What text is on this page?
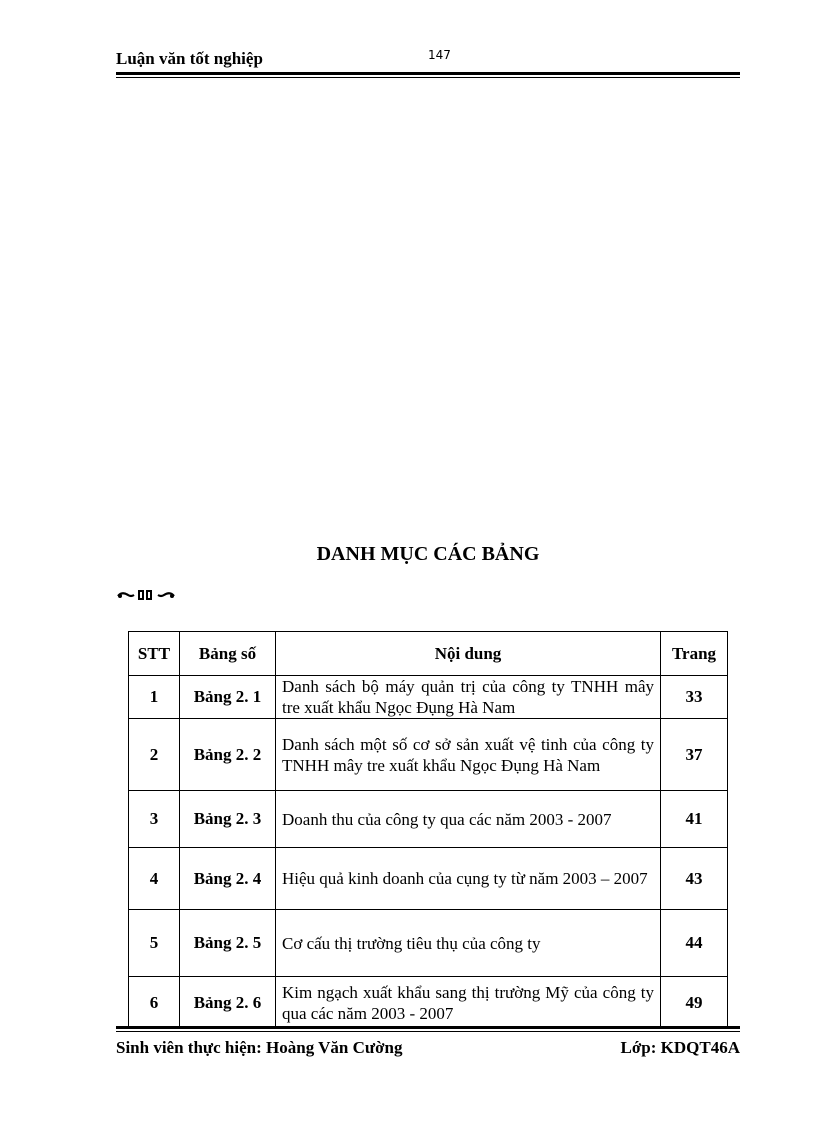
Luận văn tốt nghiệp	147
DANH MỤC CÁC BẢNG
STT	Bảng số	Nội dung	Trang
1	Bảng 2. 1	Danh sách bộ máy quản trị của công ty TNHH mây tre xuất khẩu Ngọc Đụng Hà Nam	33
2	Bảng 2. 2	Danh sách một số cơ sở sản xuất vệ tinh của công ty TNHH mây tre xuất khẩu Ngọc Đụng Hà Nam	37
3	Bảng 2. 3	Doanh thu của công ty qua các năm 2003 - 2007	41
4	Bảng 2. 4	Hiệu quả kinh doanh của cụng ty từ năm 2003 – 2007	43
5	Bảng 2. 5	Cơ cấu thị trường tiêu thụ của công ty	44
6	Bảng 2. 6	Kim ngạch xuất khẩu sang thị trường Mỹ của công ty qua các năm 2003 - 2007	49
Sinh viên thực hiện: Hoàng Văn Cường	Lớp: KDQT46A
